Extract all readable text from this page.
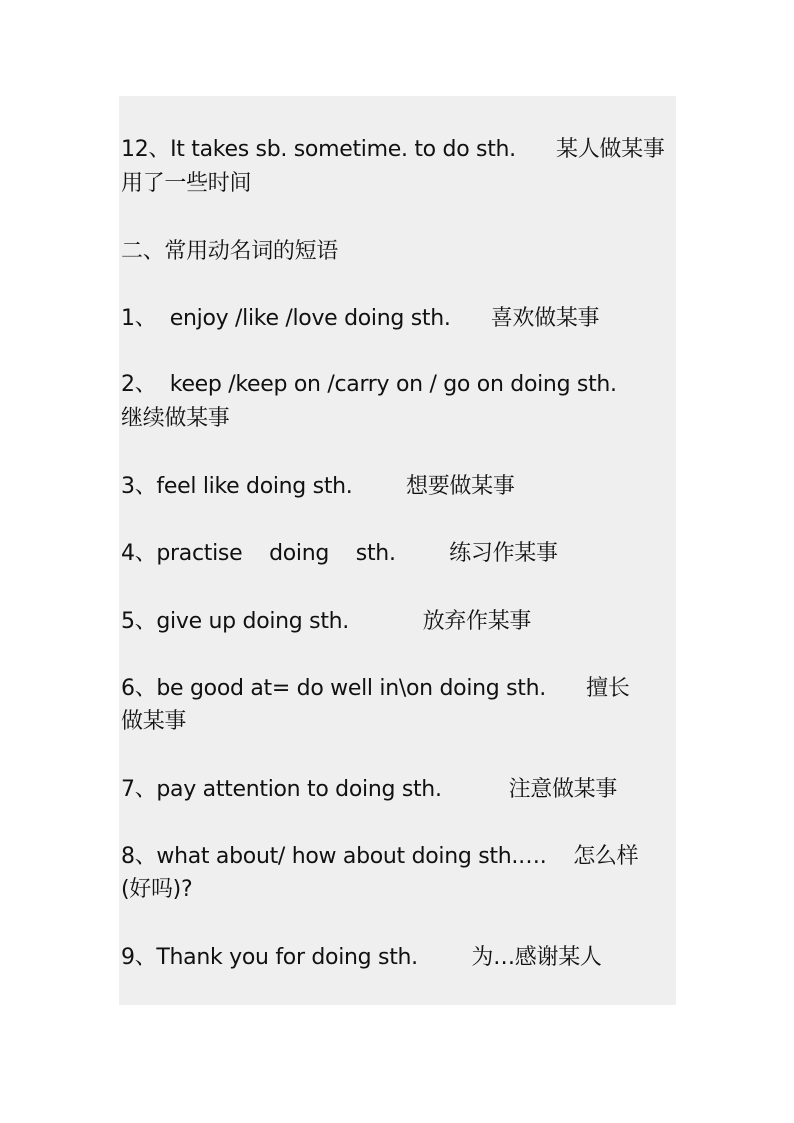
12、It takes sb. sometime. to do sth.      某人做某事
用了一些时间
二、常用动名词的短语
1、  enjoy /like /love doing sth.      喜欢做某事
2、  keep /keep on /carry on / go on doing sth.
继续做某事
3、feel like doing sth.        想要做某事
4、practise    doing    sth.        练习作某事
5、give up doing sth.           放弃作某事
6、be good at= do well in\on doing sth.      擅长
做某事
7、pay attention to doing sth.          注意做某事
8、what about/ how about doing sth.….    怎么样
(好吗)?
9、Thank you for doing sth.        为…感谢某人
